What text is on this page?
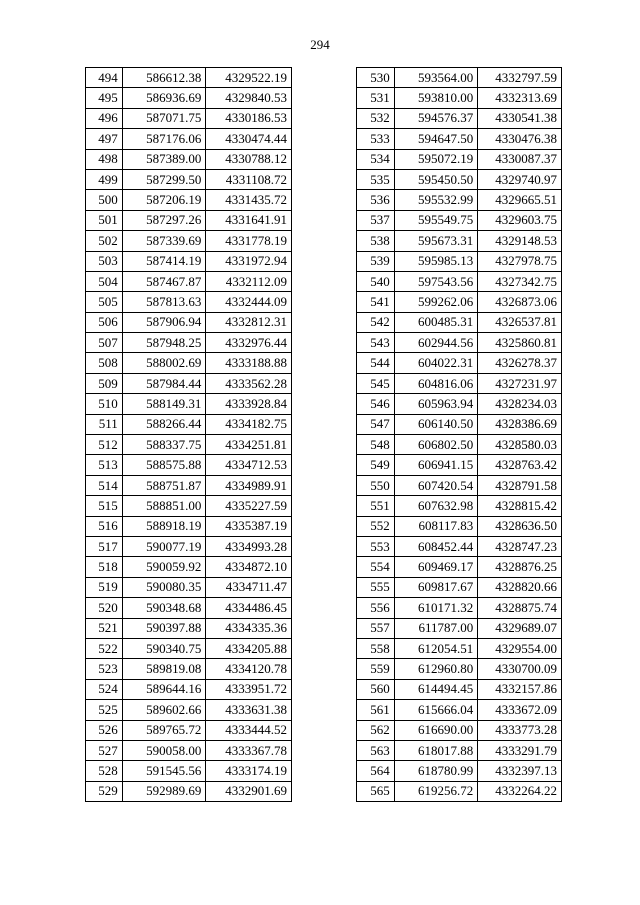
294
494	586612.38	4329522.19
495	586936.69	4329840.53
496	587071.75	4330186.53
497	587176.06	4330474.44
498	587389.00	4330788.12
499	587299.50	4331108.72
500	587206.19	4331435.72
501	587297.26	4331641.91
502	587339.69	4331778.19
503	587414.19	4331972.94
504	587467.87	4332112.09
505	587813.63	4332444.09
506	587906.94	4332812.31
507	587948.25	4332976.44
508	588002.69	4333188.88
509	587984.44	4333562.28
510	588149.31	4333928.84
511	588266.44	4334182.75
512	588337.75	4334251.81
513	588575.88	4334712.53
514	588751.87	4334989.91
515	588851.00	4335227.59
516	588918.19	4335387.19
517	590077.19	4334993.28
518	590059.92	4334872.10
519	590080.35	4334711.47
520	590348.68	4334486.45
521	590397.88	4334335.36
522	590340.75	4334205.88
523	589819.08	4334120.78
524	589644.16	4333951.72
525	589602.66	4333631.38
526	589765.72	4333444.52
527	590058.00	4333367.78
528	591545.56	4333174.19
529	592989.69	4332901.69
530	593564.00	4332797.59
531	593810.00	4332313.69
532	594576.37	4330541.38
533	594647.50	4330476.38
534	595072.19	4330087.37
535	595450.50	4329740.97
536	595532.99	4329665.51
537	595549.75	4329603.75
538	595673.31	4329148.53
539	595985.13	4327978.75
540	597543.56	4327342.75
541	599262.06	4326873.06
542	600485.31	4326537.81
543	602944.56	4325860.81
544	604022.31	4326278.37
545	604816.06	4327231.97
546	605963.94	4328234.03
547	606140.50	4328386.69
548	606802.50	4328580.03
549	606941.15	4328763.42
550	607420.54	4328791.58
551	607632.98	4328815.42
552	608117.83	4328636.50
553	608452.44	4328747.23
554	609469.17	4328876.25
555	609817.67	4328820.66
556	610171.32	4328875.74
557	611787.00	4329689.07
558	612054.51	4329554.00
559	612960.80	4330700.09
560	614494.45	4332157.86
561	615666.04	4333672.09
562	616690.00	4333773.28
563	618017.88	4333291.79
564	618780.99	4332397.13
565	619256.72	4332264.22
